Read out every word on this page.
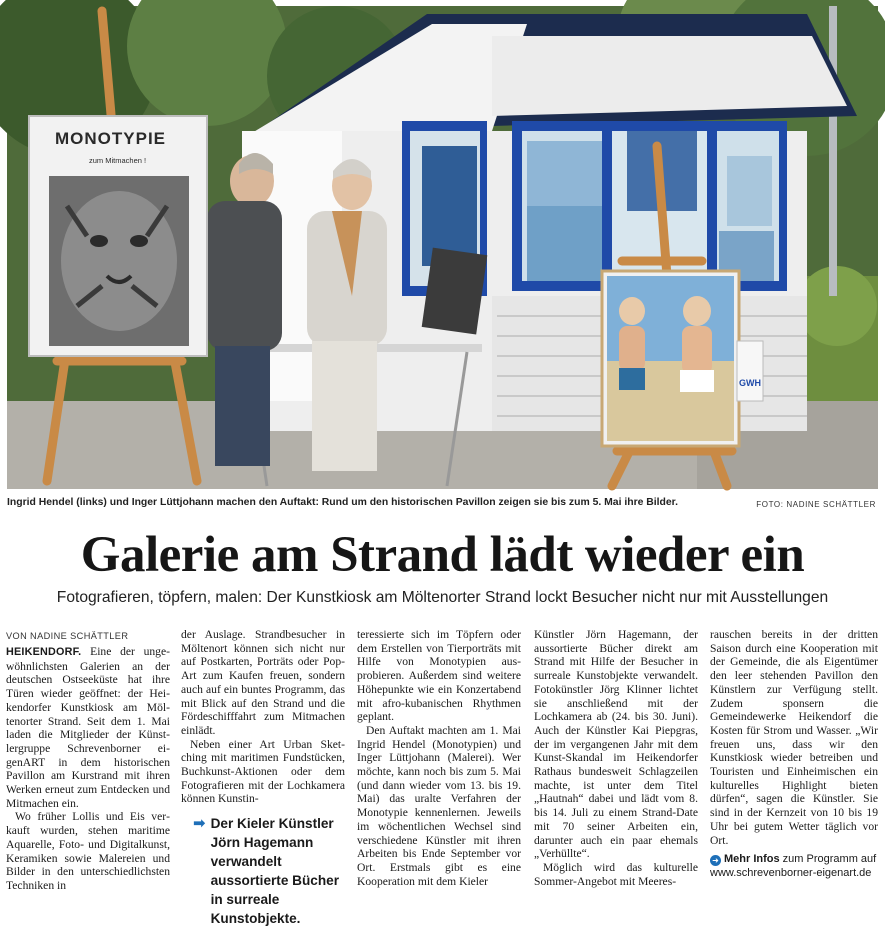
MONOTYPIE
zum Mitmachen !
GWH
Ingrid Hendel (links) und Inger Lüttjohann machen den Auftakt: Rund um den historischen Pavillon zeigen sie bis zum 5. Mai ihre Bilder.	FOTO: NADINE SCHÄTTLER
Galerie am Strand lädt wieder ein
Fotografieren, töpfern, malen: Der Kunstkiosk am Möltenorter Strand lockt Besucher nicht nur mit Ausstellungen
VON NADINE SCHÄTTLER

HEIKENDORF. Eine der ungewöhnlichsten Galerien an der deutschen Ostseeküste hat ihre Türen wieder geöffnet: der Heikendorfer Kunstkiosk am Möltenorter Strand. Seit dem 1. Mai laden die Mitglieder der Künstlergruppe Schrevenborner eigenART in dem historischen Pavillon am Kurstrand mit ihren Werken erneut zum Entdecken und Mitmachen ein.

Wo früher Lollis und Eis verkauft wurden, stehen maritime Aquarelle, Foto- und Digitalkunst, Keramiken sowie Malereien und Bilder in den unterschiedlichsten Techniken in

der Auslage. Strandbesucher in Möltenort können sich nicht nur auf Postkarten, Porträts oder Pop-Art zum Kaufen freuen, sondern auch auf ein buntes Programm, das mit Blick auf den Strand und die Fördeschifffahrt zum Mitmachen einlädt.

Neben einer Art Urban Sketching mit maritimen Fundstücken, Buchkunst-Aktionen oder dem Fotografieren mit der Lochkamera können Kunstin-

➡ Der Kieler Künstler Jörn Hagemann verwandelt aussortierte Bücher in surreale Kunstobjekte.

teressierte sich im Töpfern oder dem Erstellen von Tierporträts mit Hilfe von Monotypien ausprobieren. Außerdem sind weitere Höhepunkte wie ein Konzertabend mit afro-kubanischen Rhythmen geplant.

Den Auftakt machten am 1. Mai Ingrid Hendel (Monotypien) und Inger Lüttjohann (Malerei). Wer möchte, kann noch bis zum 5. Mai (und dann wieder vom 13. bis 19. Mai) das uralte Verfahren der Monotypie kennenlernen. Jeweils im wöchentlichen Wechsel sind verschiedene Künstler mit ihren Arbeiten bis Ende September vor Ort. Erstmals gibt es eine Kooperation mit dem Kieler

Künstler Jörn Hagemann, der aussortierte Bücher direkt am Strand mit Hilfe der Besucher in surreale Kunstobjekte verwandelt. Fotokünstler Jörg Klinner lichtet sie anschließend mit der Lochkamera ab (24. bis 30. Juni). Auch der Künstler Kai Piepgras, der im vergangenen Jahr mit dem Kunst-Skandal im Heikendorfer Rathaus bundesweit Schlagzeilen machte, ist unter dem Titel „Hautnah“ dabei und lädt vom 8. bis 14. Juli zu einem Strand-Date mit 70 seiner Arbeiten ein, darunter auch ein paar ehemals „Verhüllte“.

Möglich wird das kulturelle Sommer-Angebot mit Meeres-

rauschen bereits in der dritten Saison durch eine Kooperation mit der Gemeinde, die als Eigentümer den leer stehenden Pavillon den Künstlern zur Verfügung stellt. Zudem sponsern die Gemeindewerke Heikendorf die Kosten für Strom und Wasser. „Wir freuen uns, dass wir den Kunstkiosk wieder betreiben und Touristen und Einheimischen ein kulturelles Highlight bieten dürfen“, sagen die Künstler. Sie sind in der Kernzeit von 10 bis 19 Uhr bei gutem Wetter täglich vor Ort.

➜ Mehr Infos zum Programm auf www.schrevenborner-eigenart.de
